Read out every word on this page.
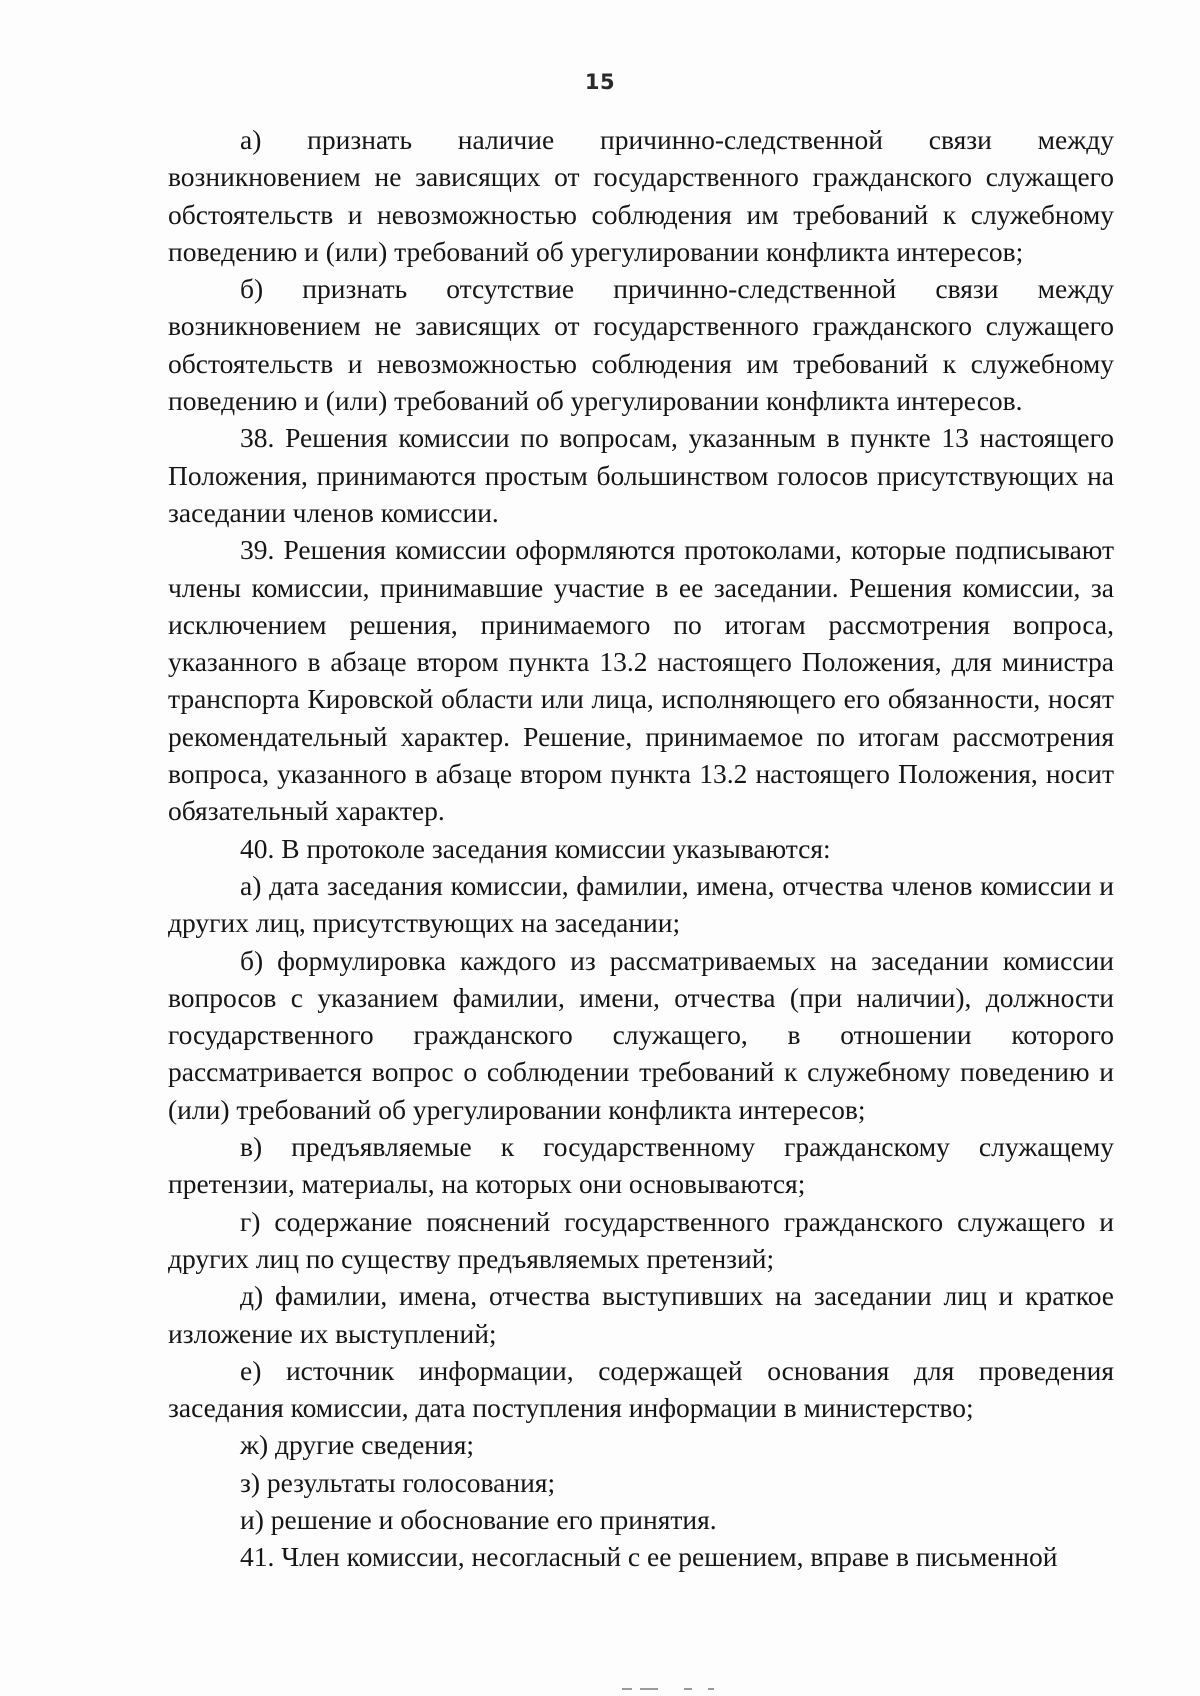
15

а) признать наличие причинно-следственной связи между возникновением не зависящих от государственного гражданского служащего обстоятельств и невозможностью соблюдения им требований к служебному поведению и (или) требований об урегулировании конфликта интересов;

б) признать отсутствие причинно-следственной связи между возникновением не зависящих от государственного гражданского служащего обстоятельств и невозможностью соблюдения им требований к служебному поведению и (или) требований об урегулировании конфликта интересов.

38. Решения комиссии по вопросам, указанным в пункте 13 настоящего Положения, принимаются простым большинством голосов присутствующих на заседании членов комиссии.

39. Решения комиссии оформляются протоколами, которые подписывают члены комиссии, принимавшие участие в ее заседании. Решения комиссии, за исключением решения, принимаемого по итогам рассмотрения вопроса, указанного в абзаце втором пункта 13.2 настоящего Положения, для министра транспорта Кировской области или лица, исполняющего его обязанности, носят рекомендательный характер. Решение, принимаемое по итогам рассмотрения вопроса, указанного в абзаце втором пункта 13.2 настоящего Положения, носит обязательный характер.

40. В протоколе заседания комиссии указываются:

а) дата заседания комиссии, фамилии, имена, отчества членов комиссии и других лиц, присутствующих на заседании;

б) формулировка каждого из рассматриваемых на заседании комиссии вопросов с указанием фамилии, имени, отчества (при наличии), должности государственного гражданского служащего, в отношении которого рассматривается вопрос о соблюдении требований к служебному поведению и (или) требований об урегулировании конфликта интересов;

в) предъявляемые к государственному гражданскому служащему претензии, материалы, на которых они основываются;

г) содержание пояснений государственного гражданского служащего и других лиц по существу предъявляемых претензий;

д) фамилии, имена, отчества выступивших на заседании лиц и краткое изложение их выступлений;

е) источник информации, содержащей основания для проведения заседания комиссии, дата поступления информации в министерство;

ж) другие сведения;

з) результаты голосования;

и) решение и обоснование его принятия.

41. Член комиссии, несогласный с ее решением, вправе в письменной
